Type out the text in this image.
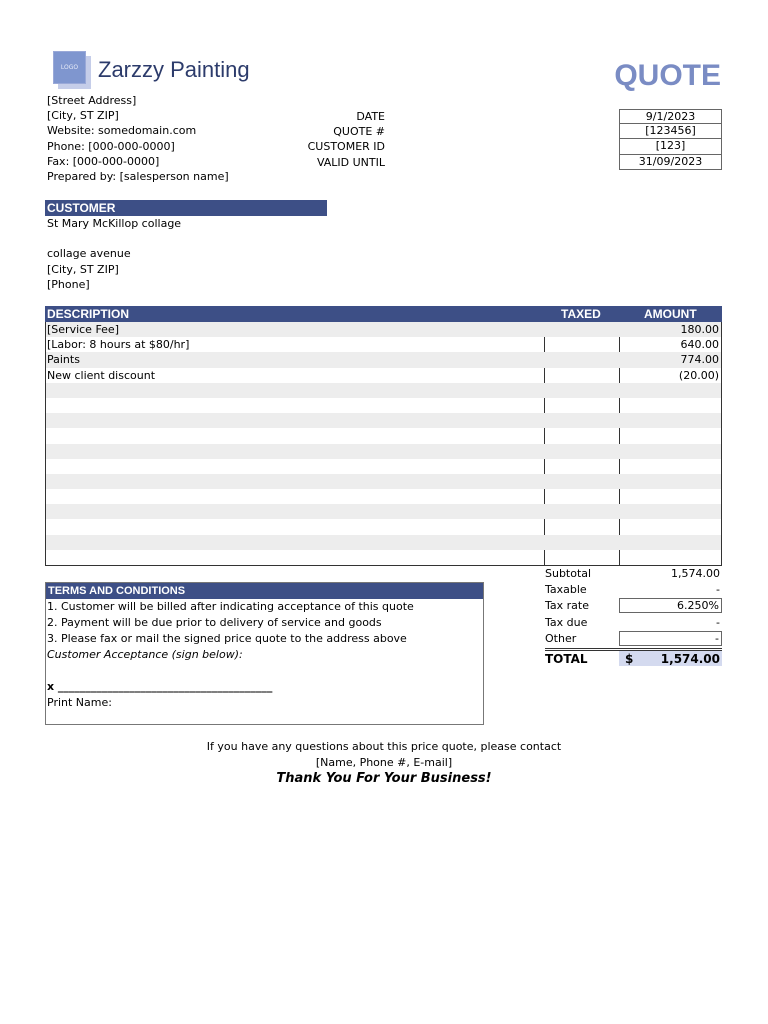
LOGO Zarzzy Painting	QUOTE
[Street Address]
[City, ST ZIP]
Website: somedomain.com
Phone: [000-000-0000]
Fax: [000-000-0000]
Prepared by: [salesperson name]
DATE	9/1/2023
QUOTE #	[123456]
CUSTOMER ID	[123]
VALID UNTIL	31/09/2023
CUSTOMER
St Mary McKillop collage
collage avenue
[City, ST ZIP]
[Phone]
DESCRIPTION	TAXED	AMOUNT
[Service Fee]	180.00
[Labor: 8 hours at $80/hr]	640.00
Paints	774.00
New client discount	(20.00)
Subtotal	1,574.00
Taxable	-
Tax rate	6.250%
Tax due	-
Other	-
TOTAL	1,574.00
$
TERMS AND CONDITIONS
1. Customer will be billed after indicating acceptance of this quote
2. Payment will be due prior to delivery of service and goods
3. Please fax or mail the signed price quote to the address above
Customer Acceptance (sign below):
x _______________________________________
Print Name:
If you have any questions about this price quote, please contact
[Name, Phone #, E-mail]
Thank You For Your Business!
